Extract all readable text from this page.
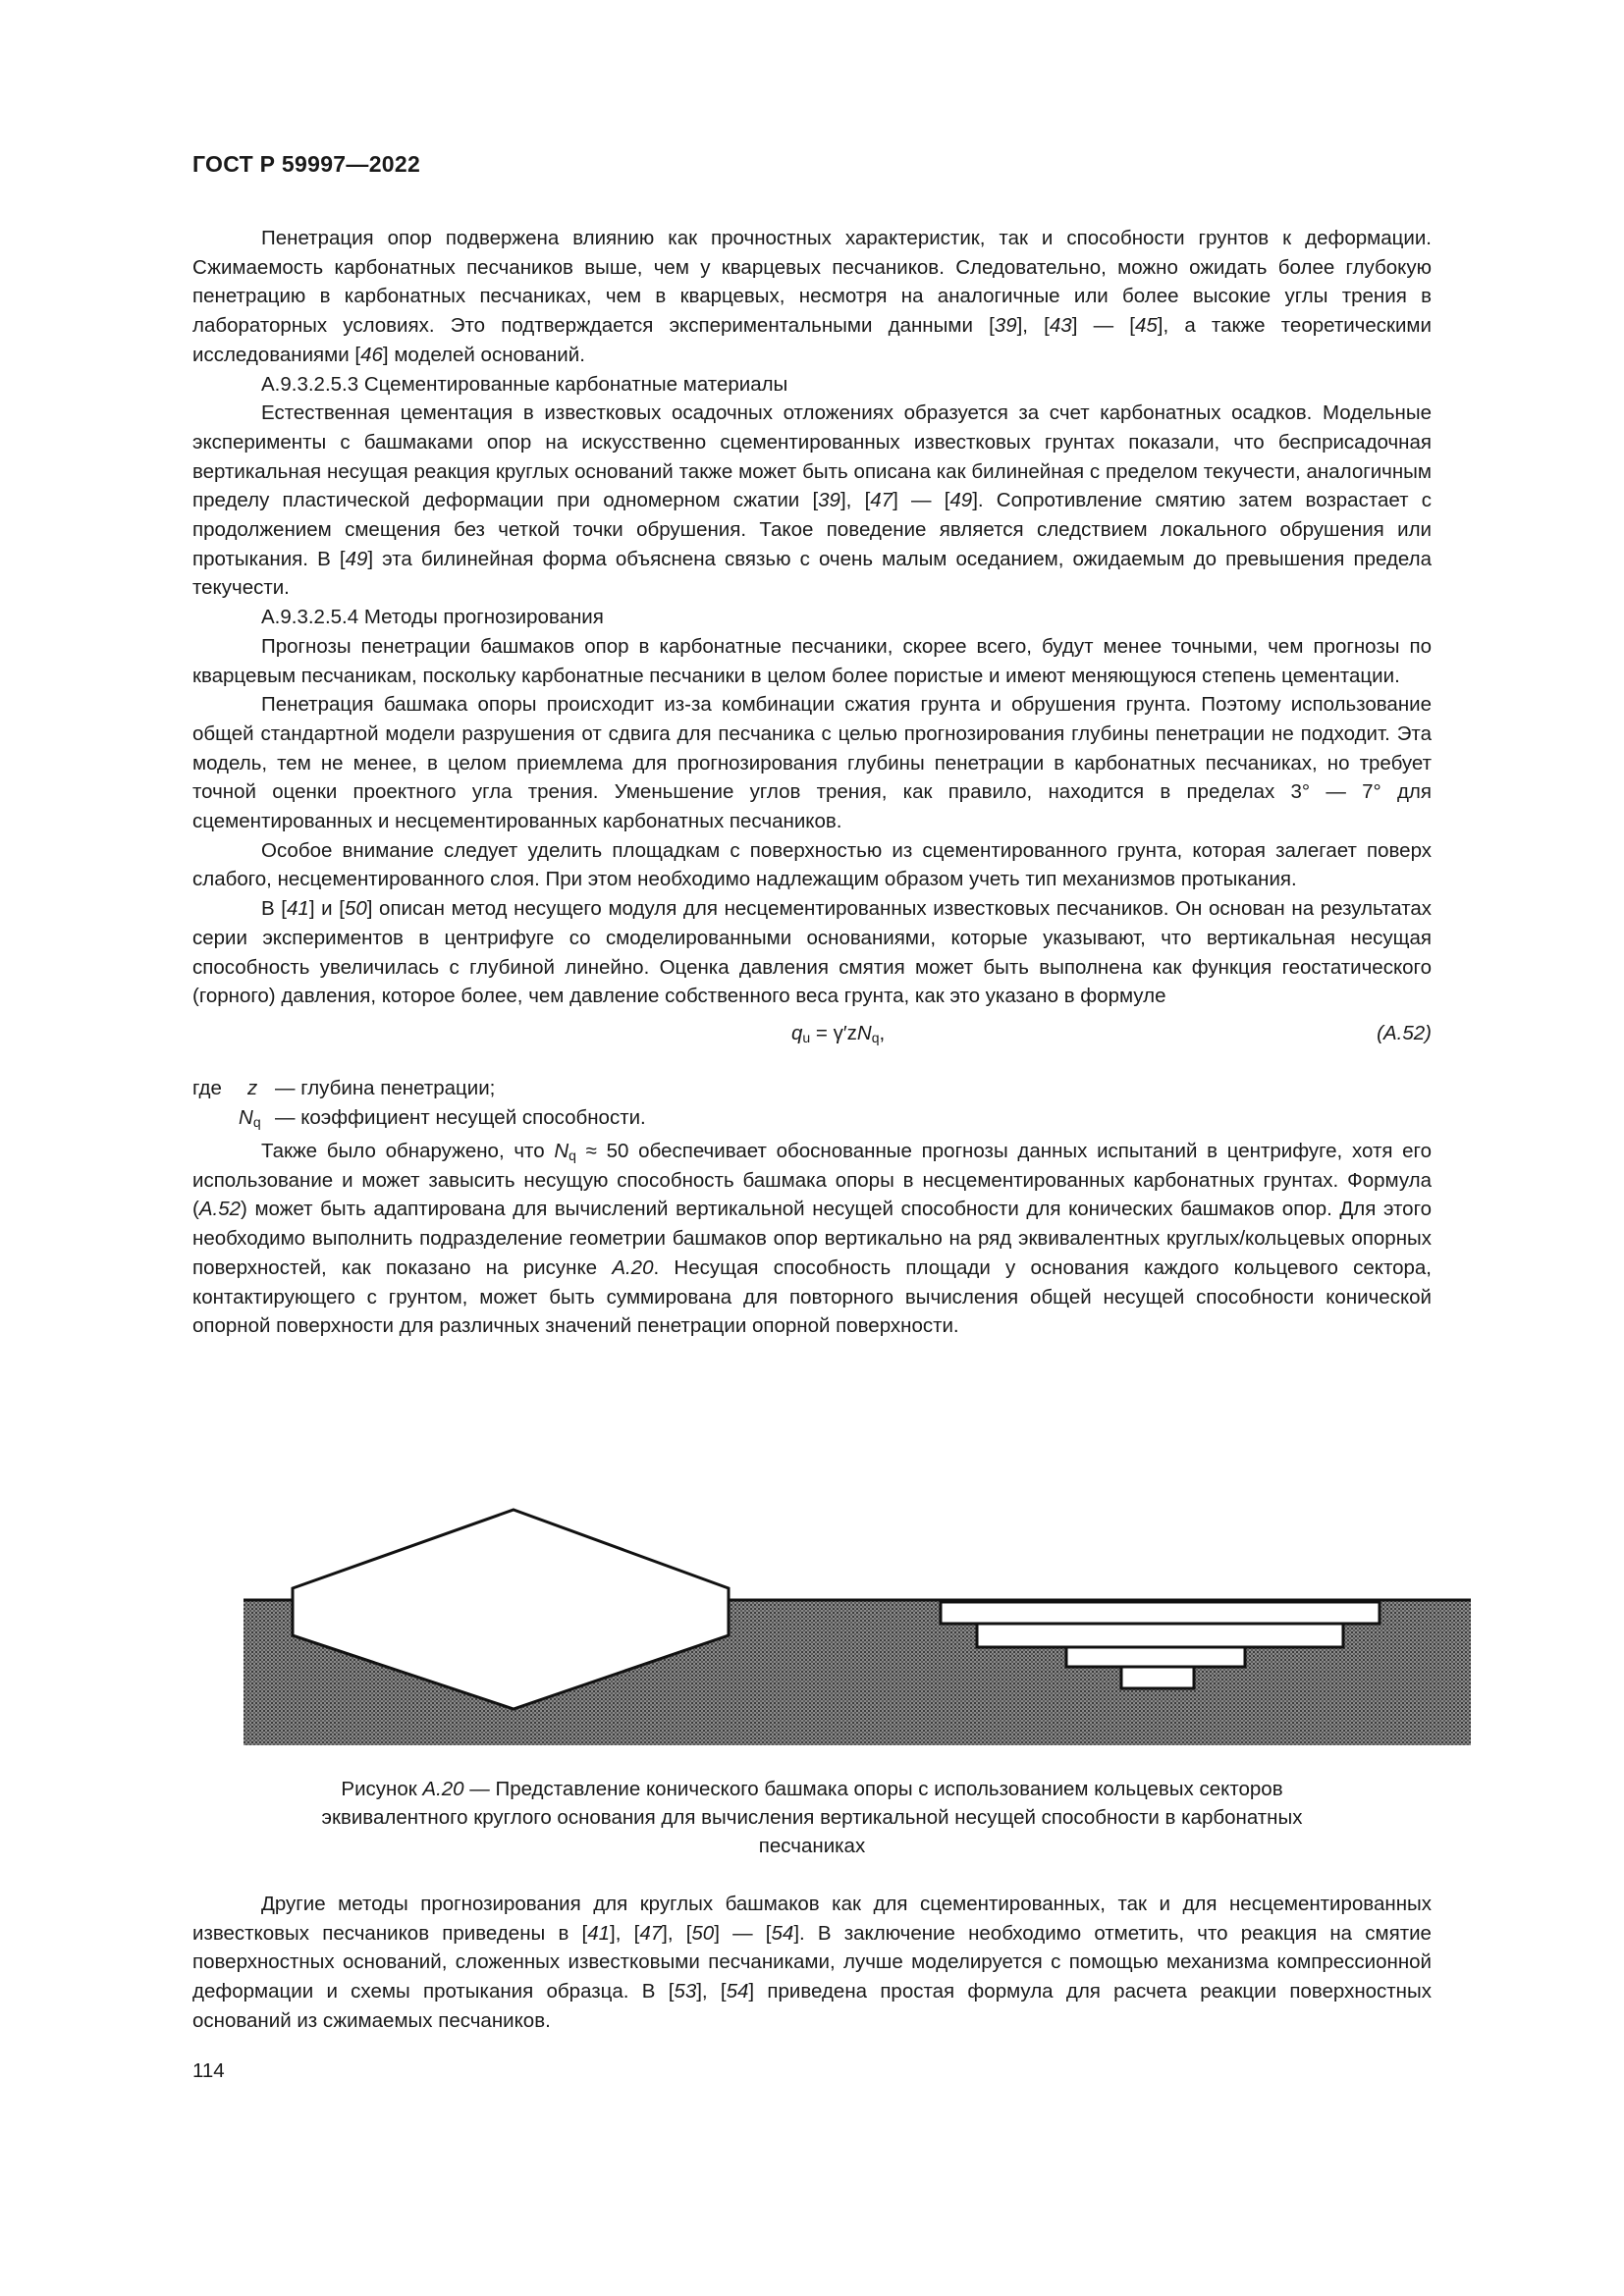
ГОСТ Р 59997—2022

Пенетрация опор подвержена влиянию как прочностных характеристик, так и способности грунтов к деформации. Сжимаемость карбонатных песчаников выше, чем у кварцевых песчаников. Следовательно, можно ожидать более глубокую пенетрацию в карбонатных песчаниках, чем в кварцевых, несмотря на аналогичные или более высокие углы трения в лабораторных условиях. Это подтверждается экспериментальными данными [39], [43] — [45], а также теоретическими исследованиями [46] моделей оснований.

А.9.3.2.5.3 Сцементированные карбонатные материалы

Естественная цементация в известковых осадочных отложениях образуется за счет карбонатных осадков. Модельные эксперименты с башмаками опор на искусственно сцементированных известковых грунтах показали, что бесприсадочная вертикальная несущая реакция круглых оснований также может быть описана как билинейная с пределом текучести, аналогичным пределу пластической деформации при одномерном сжатии [39], [47] — [49]. Сопротивление смятию затем возрастает с продолжением смещения без четкой точки обрушения. Такое поведение является следствием локального обрушения или протыкания. В [49] эта билинейная форма объяснена связью с очень малым оседанием, ожидаемым до превышения предела текучести.

А.9.3.2.5.4 Методы прогнозирования

Прогнозы пенетрации башмаков опор в карбонатные песчаники, скорее всего, будут менее точными, чем прогнозы по кварцевым песчаникам, поскольку карбонатные песчаники в целом более пористые и имеют меняющуюся степень цементации.

Пенетрация башмака опоры происходит из-за комбинации сжатия грунта и обрушения грунта. Поэтому использование общей стандартной модели разрушения от сдвига для песчаника с целью прогнозирования глубины пенетрации не подходит. Эта модель, тем не менее, в целом приемлема для прогнозирования глубины пенетрации в карбонатных песчаниках, но требует точной оценки проектного угла трения. Уменьшение углов трения, как правило, находится в пределах 3° — 7° для сцементированных и несцементированных карбонатных песчаников.

Особое внимание следует уделить площадкам с поверхностью из сцементированного грунта, которая залегает поверх слабого, несцементированного слоя. При этом необходимо надлежащим образом учеть тип механизмов протыкания.

В [41] и [50] описан метод несущего модуля для несцементированных известковых песчаников. Он основан на результатах серии экспериментов в центрифуге со смоделированными основаниями, которые указывают, что вертикальная несущая способность увеличилась с глубиной линейно. Оценка давления смятия может быть выполнена как функция геостатического (горного) давления, которое более, чем давление собственного веса грунта, как это указано в формуле

$q_u = \gamma'zN_q$,	(А.52)
где z — глубина пенетрации;
$N_q$ — коэффициент несущей способности.

Также было обнаружено, что $N_q \approx 50$ обеспечивает обоснованные прогнозы данных испытаний в центрифуге, хотя его использование и может завысить несущую способность башмака опоры в несцементированных карбонатных грунтах. Формула (А.52) может быть адаптирована для вычислений вертикальной несущей способности для конических башмаков опор. Для этого необходимо выполнить подразделение геометрии башмаков опор вертикально на ряд эквивалентных круглых/кольцевых опорных поверхностей, как показано на рисунке А.20. Несущая способность площади у основания каждого кольцевого сектора, контактирующего с грунтом, может быть суммирована для повторного вычисления общей несущей способности конической опорной поверхности для различных значений пенетрации опорной поверхности.

Рисунок А.20 — Представление конического башмака опоры с использованием кольцевых секторов
эквивалентного круглого основания для вычисления вертикальной несущей способности в карбонатных
песчаниках

Другие методы прогнозирования для круглых башмаков как для сцементированных, так и для несцементированных известковых песчаников приведены в [41], [47], [50] — [54]. В заключение необходимо отметить, что реакция на смятие поверхностных оснований, сложенных известковыми песчаниками, лучше моделируется с помощью механизма компрессионной деформации и схемы протыкания образца. В [53], [54] приведена простая формула для расчета реакции поверхностных оснований из сжимаемых песчаников.

114
